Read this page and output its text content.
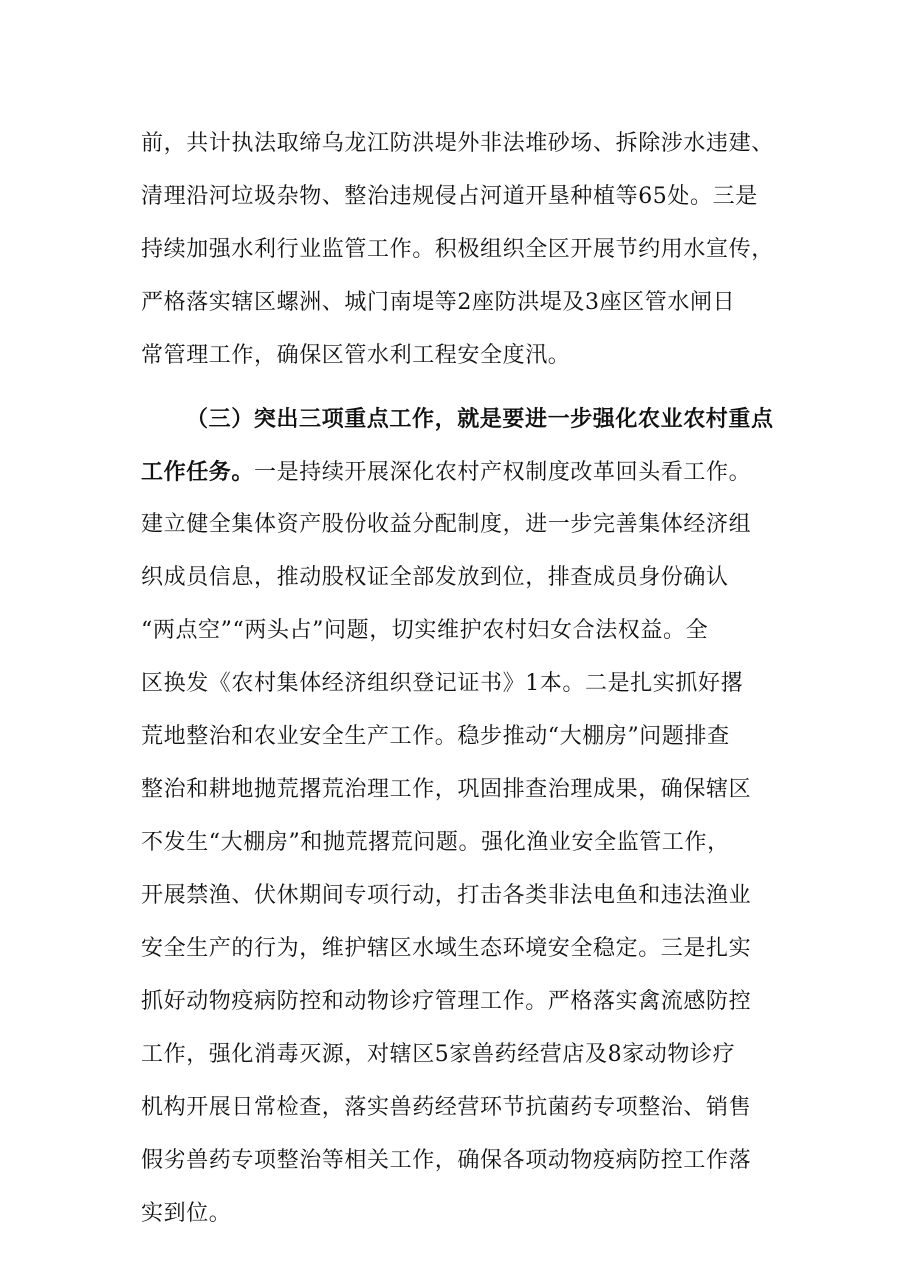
前，共计执法取缔乌龙江防洪堤外非法堆砂场、拆除涉水违建、
清理沿河垃圾杂物、整治违规侵占河道开垦种植等65处。三是
持续加强水利行业监管工作。积极组织全区开展节约用水宣传，
严格落实辖区螺洲、城门南堤等2座防洪堤及3座区管水闸日
常管理工作，确保区管水利工程安全度汛。
（三）突出三项重点工作，就是要进一步强化农业农村重点
工作任务。一是持续开展深化农村产权制度改革回头看工作。
建立健全集体资产股份收益分配制度，进一步完善集体经济组
织成员信息，推动股权证全部发放到位，排查成员身份确认
“两点空”“两头占”问题，切实维护农村妇女合法权益。全
区换发《农村集体经济组织登记证书》1本。二是扎实抓好撂
荒地整治和农业安全生产工作。稳步推动“大棚房”问题排查
整治和耕地抛荒撂荒治理工作，巩固排查治理成果，确保辖区
不发生“大棚房”和抛荒撂荒问题。强化渔业安全监管工作，
开展禁渔、伏休期间专项行动，打击各类非法电鱼和违法渔业
安全生产的行为，维护辖区水域生态环境安全稳定。三是扎实
抓好动物疫病防控和动物诊疗管理工作。严格落实禽流感防控
工作，强化消毒灭源，对辖区5家兽药经营店及8家动物诊疗
机构开展日常检查，落实兽药经营环节抗菌药专项整治、销售
假劣兽药专项整治等相关工作，确保各项动物疫病防控工作落
实到位。
